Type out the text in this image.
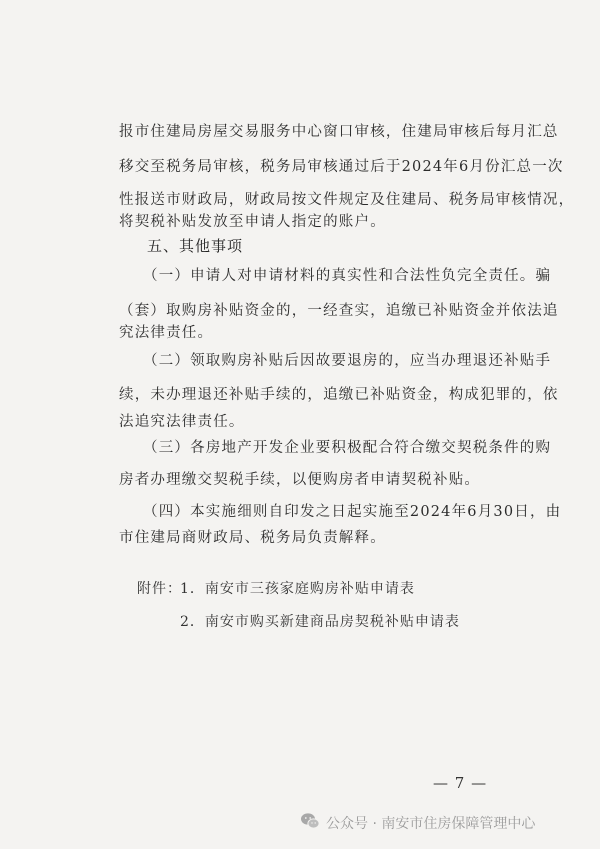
报市住建局房屋交易服务中心窗口审核，住建局审核后每月汇总
移交至税务局审核，税务局审核通过后于2024年6月份汇总一次
性报送市财政局，财政局按文件规定及住建局、税务局审核情况，
将契税补贴发放至申请人指定的账户。
五、其他事项
（一）申请人对申请材料的真实性和合法性负完全责任。骗
（套）取购房补贴资金的，一经查实，追缴已补贴资金并依法追
究法律责任。
（二）领取购房补贴后因故要退房的，应当办理退还补贴手
续，未办理退还补贴手续的，追缴已补贴资金，构成犯罪的，依
法追究法律责任。
（三）各房地产开发企业要积极配合符合缴交契税条件的购
房者办理缴交契税手续，以便购房者申请契税补贴。
（四）本实施细则自印发之日起实施至2024年6月30日，由
市住建局商财政局、税务局负责解释。
附件：
1．南安市三孩家庭购房补贴申请表
2．南安市购买新建商品房契税补贴申请表
— 7 —
公众号 · 南安市住房保障管理中心
